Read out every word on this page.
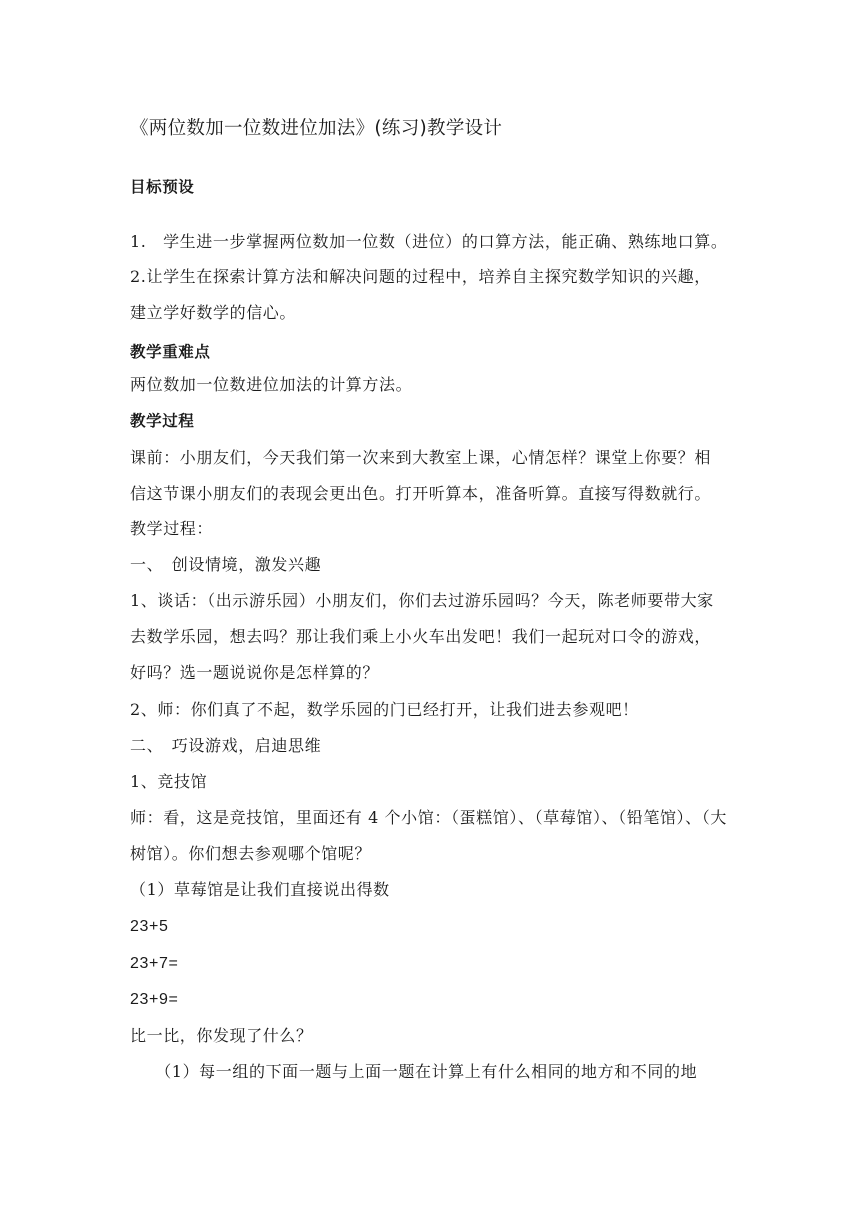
《两位数加一位数进位加法》(练习)教学设计
目标预设
1.　学生进一步掌握两位数加一位数（进位）的口算方法，能正确、熟练地口算。
2.让学生在探索计算方法和解决问题的过程中，培养自主探究数学知识的兴趣，
建立学好数学的信心。
教学重难点
两位数加一位数进位加法的计算方法。
教学过程
课前：小朋友们，今天我们第一次来到大教室上课，心情怎样？课堂上你要？相
信这节课小朋友们的表现会更出色。打开听算本，准备听算。直接写得数就行。
教学过程：
一、　创设情境，激发兴趣
1、谈话：（出示游乐园）小朋友们，你们去过游乐园吗？今天，陈老师要带大家
去数学乐园，想去吗？那让我们乘上小火车出发吧！我们一起玩对口令的游戏，
好吗？选一题说说你是怎样算的？
2、师：你们真了不起，数学乐园的门已经打开，让我们进去参观吧！
二、　巧设游戏，启迪思维
1、竞技馆
师：看，这是竞技馆，里面还有 4 个小馆：（蛋糕馆）、（草莓馆）、（铅笔馆）、（大
树馆）。你们想去参观哪个馆呢？
（1）草莓馆是让我们直接说出得数
23+5
23+7=
23+9=
比一比，你发现了什么？
　　（1）每一组的下面一题与上面一题在计算上有什么相同的地方和不同的地
